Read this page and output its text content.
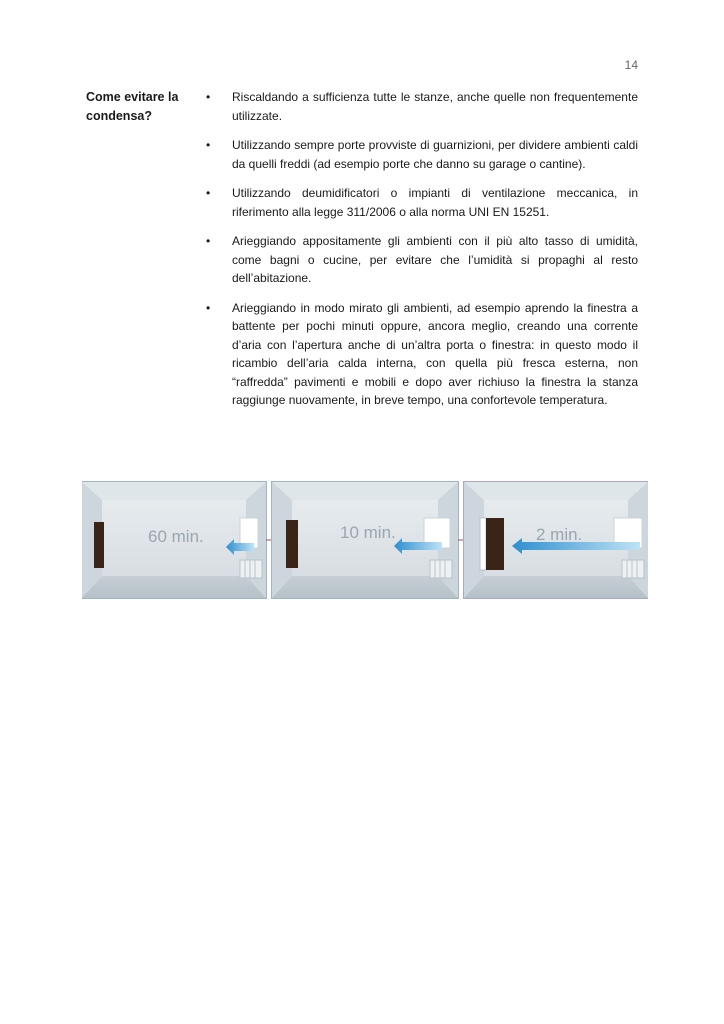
14
Come evitare la condensa?
• Riscaldando a sufficienza tutte le stanze, anche quelle non frequentemente utilizzate.
• Utilizzando sempre porte provviste di guarnizioni, per dividere ambienti caldi da quelli freddi (ad esempio porte che danno su garage o cantine).
• Utilizzando deumidificatori o impianti di ventilazione meccanica, in riferimento alla legge 311/2006 o alla norma UNI EN 15251.
• Arieggiando appositamente gli ambienti con il più alto tasso di umidità, come bagni o cucine, per evitare che l’umidità si propaghi al resto dell’abitazione.
• Arieggiando in modo mirato gli ambienti, ad esempio aprendo la finestra a battente per pochi minuti oppure, ancora meglio, creando una corrente d’aria con l’apertura anche di un’altra porta o finestra: in questo modo il ricambio dell’aria calda interna, con quella più fresca esterna, non “raffredda” pavimenti e mobili e dopo aver richiuso la finestra la stanza raggiunge nuovamente, in breve tempo, una confortevole temperatura.
60 min.	10 min.	2 min.
